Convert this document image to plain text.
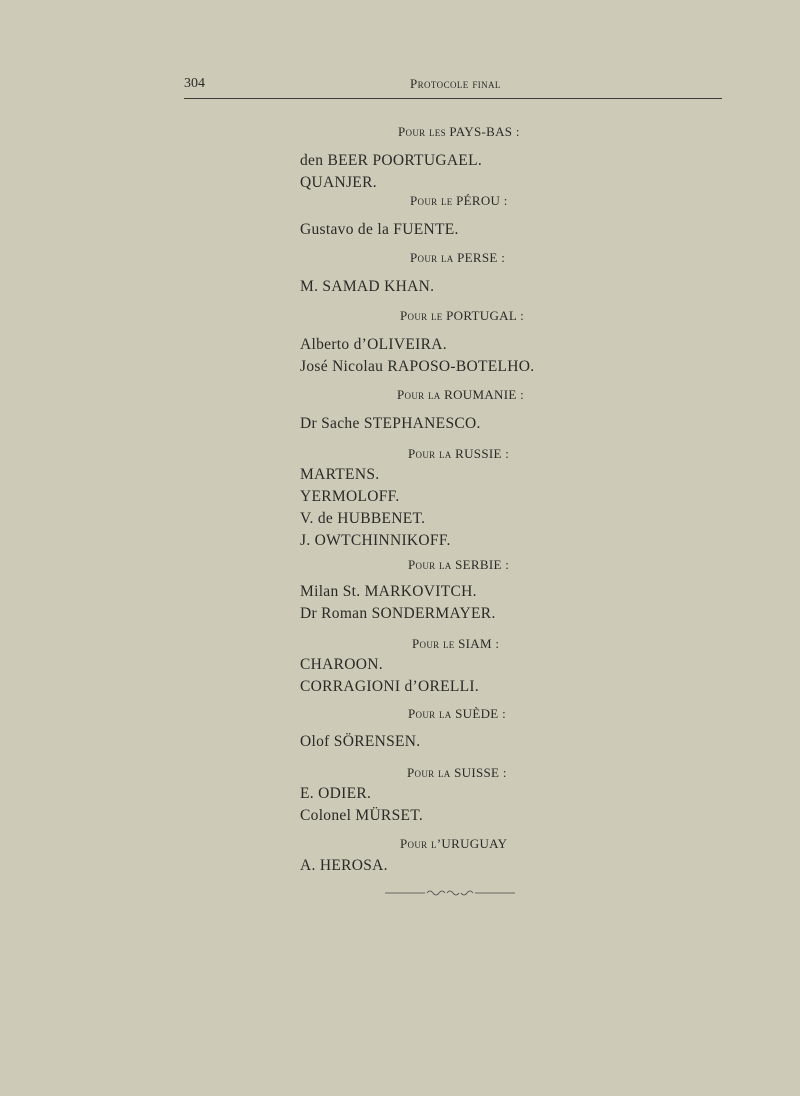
304	Protocole final
Pour les PAYS-BAS :
den BEER POORTUGAEL.
QUANJER.
Pour le PÉROU :
Gustavo de la FUENTE.
Pour la PERSE :
M. SAMAD KHAN.
Pour le PORTUGAL :
Alberto d’OLIVEIRA.
José Nicolau RAPOSO-BOTELHO.
Pour la ROUMANIE :
Dr Sache STEPHANESCO.
Pour la RUSSIE :
MARTENS.
YERMOLOFF.
V. de HUBBENET.
J. OWTCHINNIKOFF.
Pour la SERBIE :
Milan St. MARKOVITCH.
Dr Roman SONDERMAYER.
Pour le SIAM :
CHAROON.
CORRAGIONI d’ORELLI.
Pour la SUÈDE :
Olof SÖRENSEN.
Pour la SUISSE :
E. ODIER.
Colonel MÜRSET.
Pour l’URUGUAY
A. HEROSA.
